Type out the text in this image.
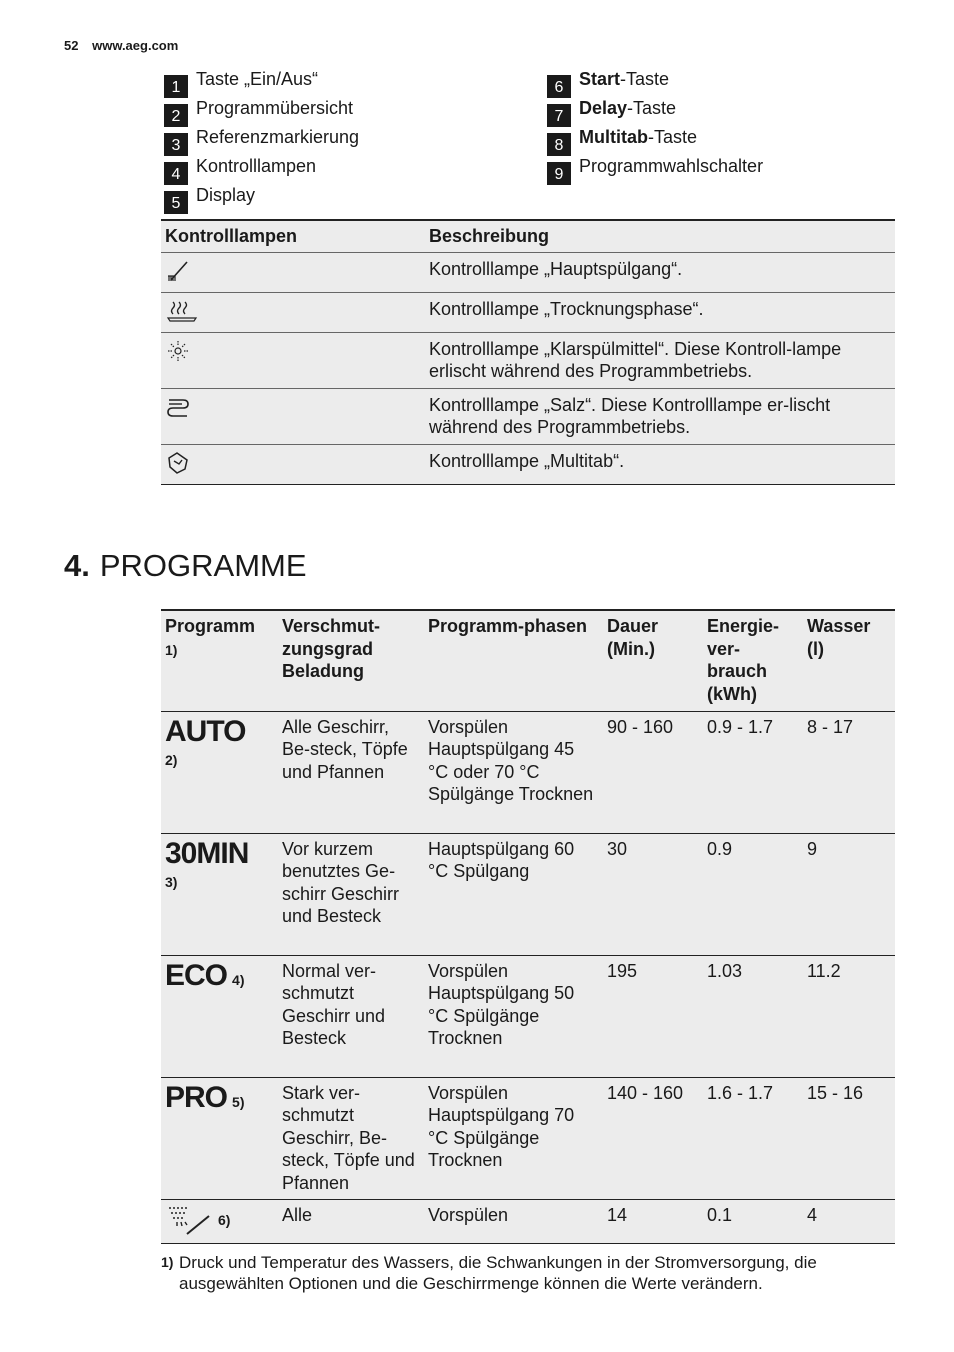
52 www.aeg.com
1 Taste „Ein/Aus“
2 Programmübersicht
3 Referenzmarkierung
4 Kontrolllampen
5 Display
6 Start-Taste
7 Delay-Taste
8 Multitab-Taste
9 Programmwahlschalter
Kontrolllampen	Beschreibung

	Kontrolllampe „Hauptspülgang“.

	Kontrolllampe „Trocknungsphase“.

	Kontrolllampe „Klarspülmittel“. Diese Kontroll-lampe erlischt während des Programmbetriebs.

	Kontrolllampe „Salz“. Diese Kontrolllampe er-lischt während des Programmbetriebs.

	Kontrolllampe „Multitab“.
4. PROGRAMME
Programm
1)	Verschmut-zungsgrad Beladung	Programm-phasen	Dauer (Min.)	Energie-ver-brauch (kWh)	Wasser (l)

AUTO
2)	Alle Geschirr, Be-steck, Töpfe und Pfannen	Vorspülen Hauptspülgang 45 °C oder 70 °C Spülgänge Trocknen	90 - 160	0.9 - 1.7	8 - 17

30MIN
3)	Vor kurzem benutztes Ge-schirr Geschirr und Besteck	Hauptspülgang 60 °C Spülgang	30	0.9	9
ECO 4)	Normal ver-schmutzt Geschirr und Besteck	Vorspülen Hauptspülgang 50 °C Spülgänge Trocknen	195	1.03	11.2
PRO 5)	Stark ver-schmutzt Geschirr, Be-steck, Töpfe und Pfannen	Vorspülen Hauptspülgang 70 °C Spülgänge Trocknen	140 - 160	1.6 - 1.7	15 - 16

6)	Alle	Vorspülen	14	0.1	4
1) Druck und Temperatur des Wassers, die Schwankungen in der Stromversorgung, die ausgewählten Optionen und die Geschirrmenge können die Werte verändern.
